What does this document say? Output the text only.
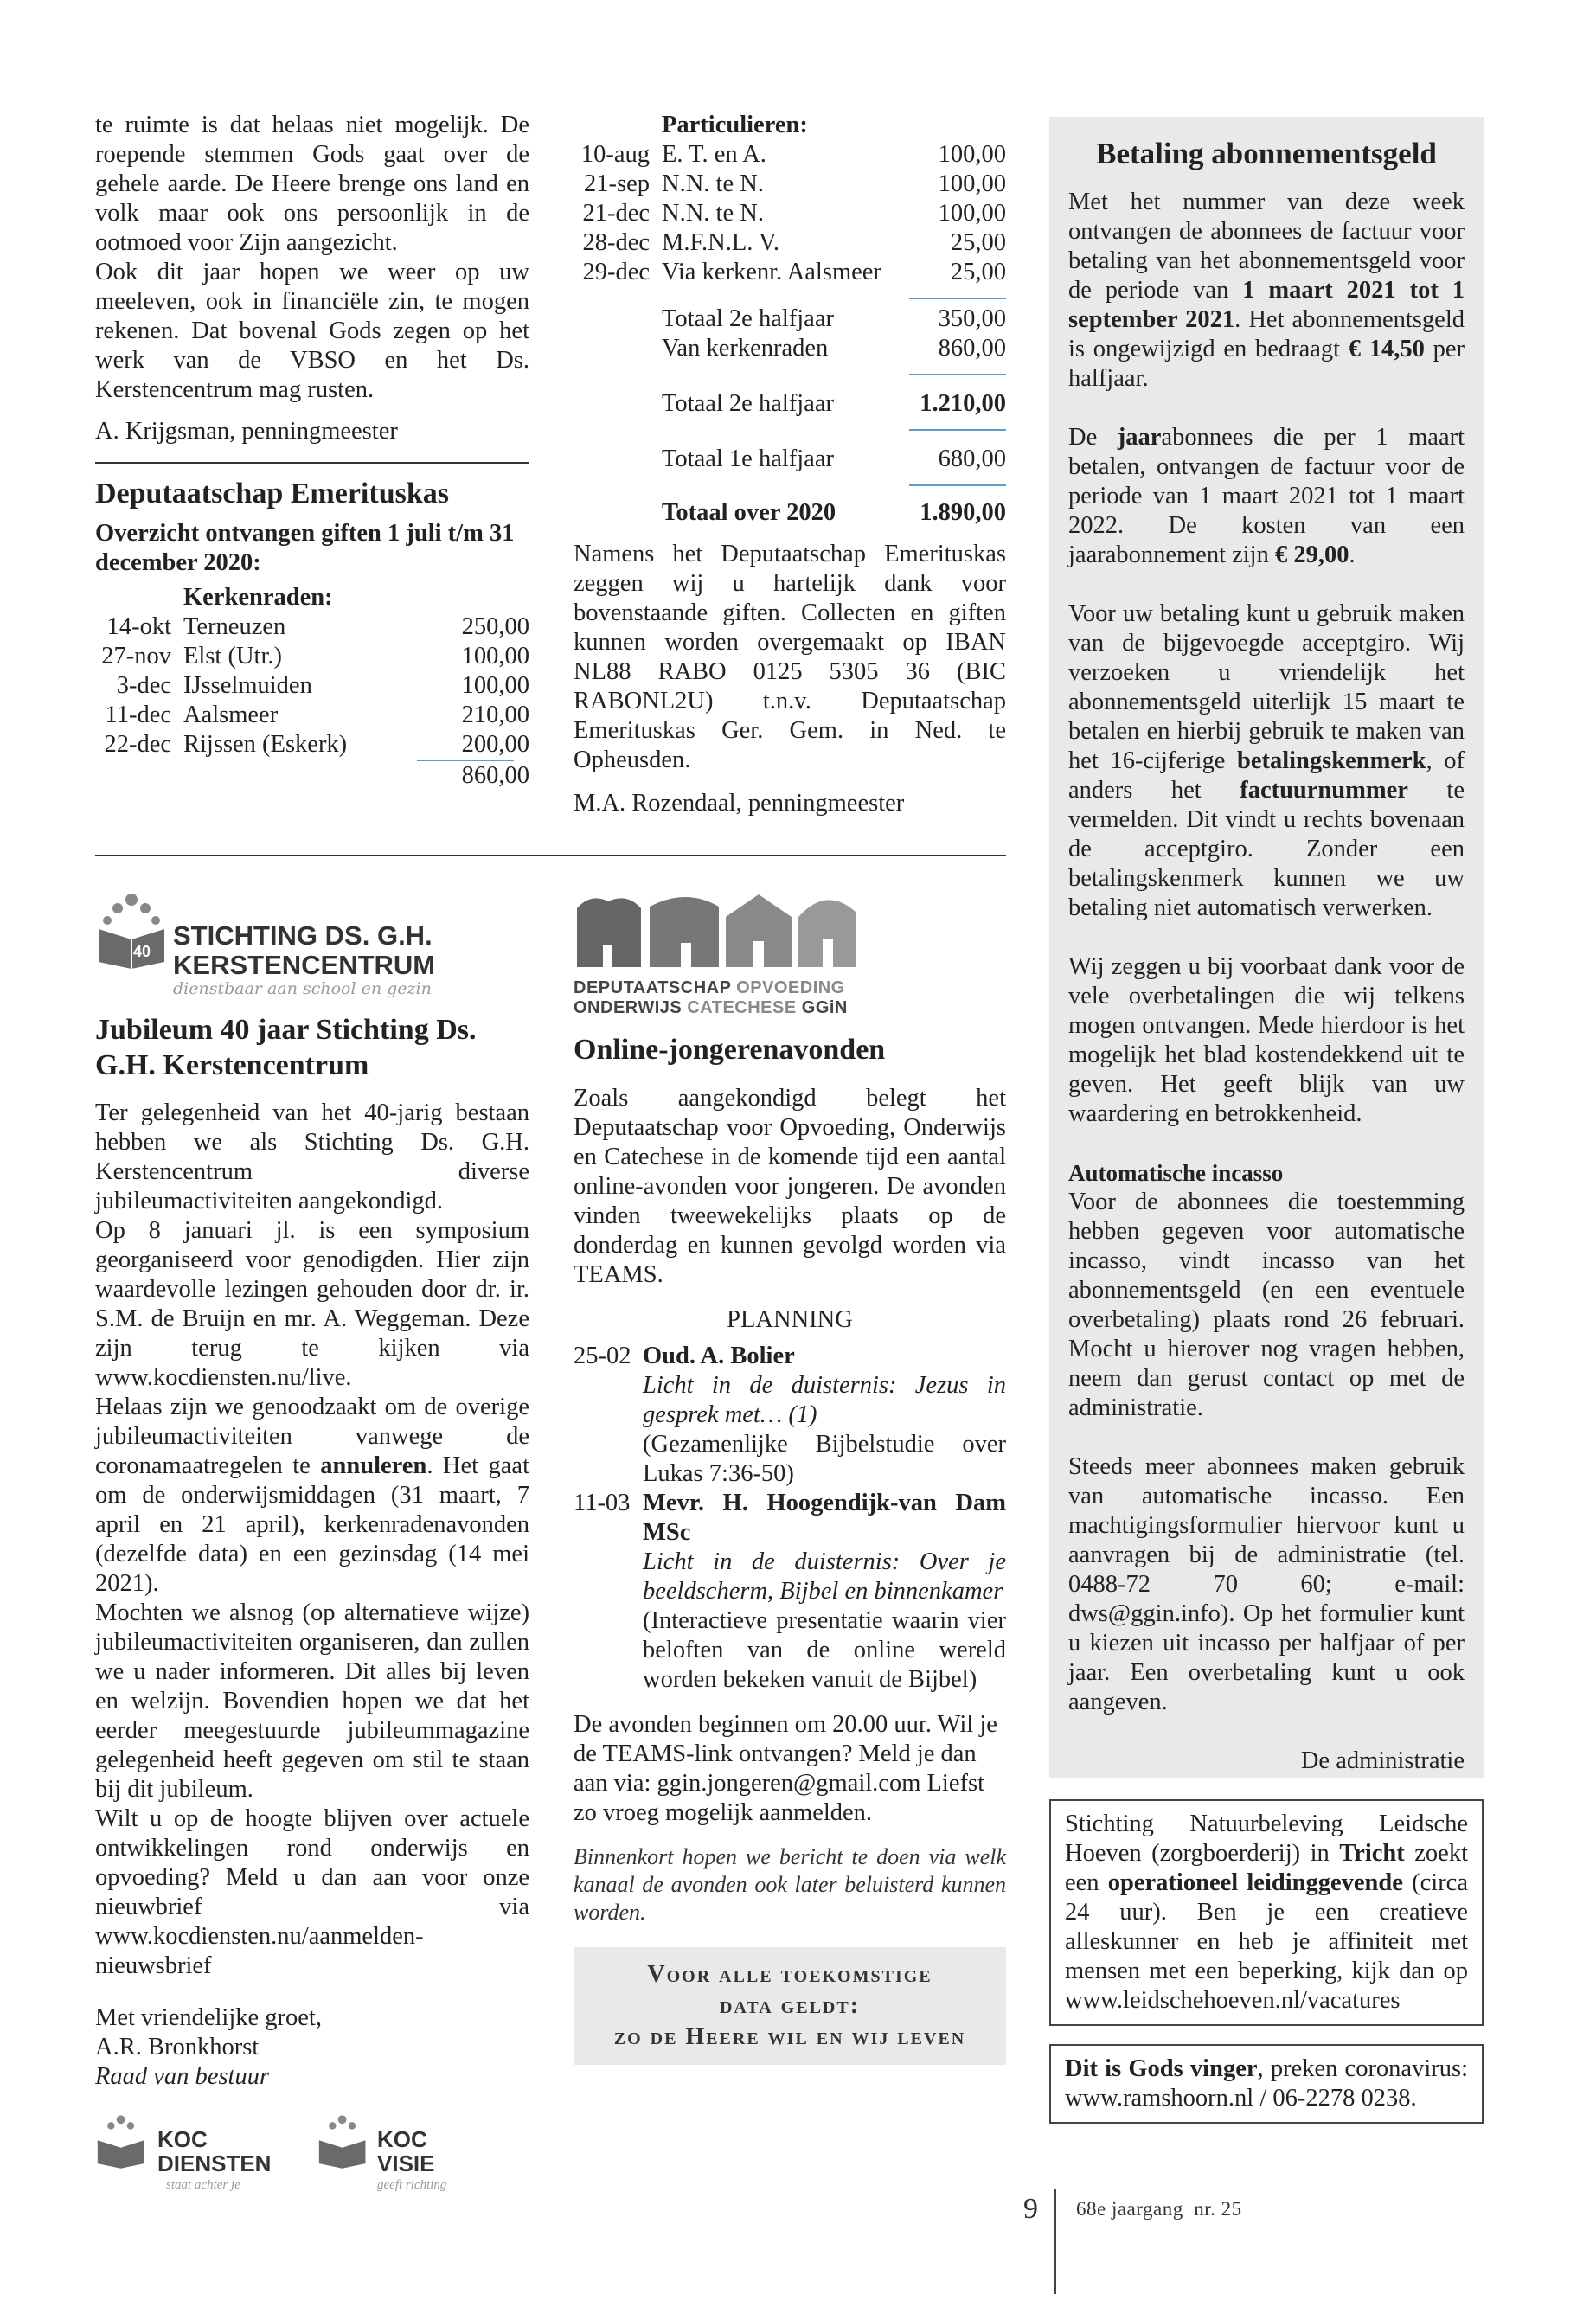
te ruimte is dat helaas niet mogelijk. De roepende stemmen Gods gaat over de gehele aarde. De Heere brenge ons land en volk maar ook ons persoonlijk in de ootmoed voor Zijn aangezicht.

Ook dit jaar hopen we weer op uw meeleven, ook in financiële zin, te mogen rekenen. Dat bovenal Gods zegen op het werk van de VBSO en het Ds. Kerstencentrum mag rusten.

A. Krijgsman, penningmeester

Deputaatschap Emerituskas
Overzicht ontvangen giften 1 juli t/m 31 december 2020:
Kerkenraden:
14-okt	Terneuzen	250,00
27-nov	Elst (Utr.)	100,00
3-dec	IJsselmuiden	100,00
11-dec	Aalsmeer	210,00
22-dec	Rijssen (Eskerk)	200,00
860,00
Particulieren:
10-aug	E. T. en A.	100,00
21-sep	N.N. te N.	100,00
21-dec	N.N. te N.	100,00
28-dec	M.F.N.L. V.	25,00
29-dec	Via kerkenr. Aalsmeer	25,00
	Totaal 2e halfjaar	350,00
	Van kerkenraden	860,00
	Totaal 2e halfjaar	1.210,00
	Totaal 1e halfjaar	680,00
	Totaal over 2020	1.890,00

Namens het Deputaatschap Emerituskas zeggen wij u hartelijk dank voor bovenstaande giften. Collecten en giften kunnen worden overgemaakt op IBAN NL88 RABO 0125 5305 36 (BIC RABONL2U) t.n.v. Deputaatschap Emerituskas Ger. Gem. in Ned. te Opheusden.

M.A. Rozendaal, penningmeester

40
STICHTING DS. G.H.
KERSTENCENTRUM
dienstbaar aan school en gezin
Jubileum 40 jaar Stichting Ds. G.H. Kerstencentrum

Ter gelegenheid van het 40-jarig bestaan hebben we als Stichting Ds. G.H. Kerstencentrum diverse jubileumactiviteiten aangekondigd.

Op 8 januari jl. is een symposium georganiseerd voor genodigden. Hier zijn waardevolle lezingen gehouden door dr. ir. S.M. de Bruijn en mr. A. Weggeman. Deze zijn terug te kijken via www.kocdiensten.nu/live.

Helaas zijn we genoodzaakt om de overige jubileumactiviteiten vanwege de coronamaatregelen te annuleren. Het gaat om de onderwijsmiddagen (31 maart, 7 april en 21 april), kerkenradenavonden (dezelfde data) en een gezinsdag (14 mei 2021).

Mochten we alsnog (op alternatieve wijze) jubileumactiviteiten organiseren, dan zullen we u nader informeren. Dit alles bij leven en welzijn. Bovendien hopen we dat het eerder meegestuurde jubileummagazine gelegenheid heeft gegeven om stil te staan bij dit jubileum.

Wilt u op de hoogte blijven over actuele ontwikkelingen rond onderwijs en opvoeding? Meld u dan aan voor onze nieuwbrief via www.kocdiensten.nu/aanmelden-nieuwsbrief

Met vriendelijke groet,

A.R. Bronkhorst

Raad van bestuur

KOC
DIENSTEN
staat achter je
KOC
VISIE
geeft richting
DEPUTAATSCHAP OPVOEDING
ONDERWIJS CATECHESE GGiN
Online-jongerenavonden

Zoals aangekondigd belegt het Deputaatschap voor Opvoeding, Onderwijs en Catechese in de komende tijd een aantal online-avonden voor jongeren. De avonden vinden tweewekelijks plaats op de donderdag en kunnen gevolgd worden via TEAMS.

PLANNING
25-02 Oud. A. Bolier

Licht in de duisternis: Jezus in gesprek met… (1)

(Gezamenlijke Bijbelstudie over Lukas 7:36-50)

11-03 Mevr. H. Hoogendijk-van Dam MSc

Licht in de duisternis: Over je beeldscherm, Bijbel en binnenkamer

(Interactieve presentatie waarin vier beloften van de online wereld worden bekeken vanuit de Bijbel)

De avonden beginnen om 20.00 uur. Wil je de TEAMS-link ontvangen? Meld je dan aan via: ggin.jongeren@gmail.com Liefst zo vroeg mogelijk aanmelden.

Binnenkort hopen we bericht te doen via welk kanaal de avonden ook later beluisterd kunnen worden.

Voor alle toekomstige
data geldt:
zo de Heere wil en wij leven
Betaling abonnementsgeld

Met het nummer van deze week ontvangen de abonnees de factuur voor betaling van het abonnementsgeld voor de periode van 1 maart 2021 tot 1 september 2021. Het abonnementsgeld is ongewijzigd en bedraagt € 14,50 per halfjaar.

De jaarabonnees die per 1 maart betalen, ontvangen de factuur voor de periode van 1 maart 2021 tot 1 maart 2022. De kosten van een jaarabonnement zijn € 29,00.

Voor uw betaling kunt u gebruik maken van de bijgevoegde acceptgiro. Wij verzoeken u vriendelijk het abonnementsgeld uiterlijk 15 maart te betalen en hierbij gebruik te maken van het 16-cijferige betalingskenmerk, of anders het factuurnummer te vermelden. Dit vindt u rechts bovenaan de acceptgiro. Zonder een betalingskenmerk kunnen we uw betaling niet automatisch verwerken.

Wij zeggen u bij voorbaat dank voor de vele overbetalingen die wij telkens mogen ontvangen. Mede hierdoor is het mogelijk het blad kostendekkend uit te geven. Het geeft blijk van uw waardering en betrokkenheid.

Automatische incasso

Voor de abonnees die toestemming hebben gegeven voor automatische incasso, vindt incasso van het abonnementsgeld (en een eventuele overbetaling) plaats rond 26 februari. Mocht u hierover nog vragen hebben, neem dan gerust contact op met de administratie.

Steeds meer abonnees maken gebruik van automatische incasso. Een machtigingsformulier hiervoor kunt u aanvragen bij de administratie (tel. 0488-72 70 60; e-mail: dws@ggin.info). Op het formulier kunt u kiezen uit incasso per halfjaar of per jaar. Een overbetaling kunt u ook aangeven.

De administratie

Stichting Natuurbeleving Leidsche Hoeven (zorgboerderij) in Tricht zoekt een operationeel leidinggevende (circa 24 uur). Ben je een creatieve alleskunner en heb je affiniteit met mensen met een beperking, kijk dan op www.leidschehoeven.nl/vacatures

Dit is Gods vinger, preken coronavirus: www.ramshoorn.nl / 06-2278 0238.

9 68e jaargang  nr. 25
